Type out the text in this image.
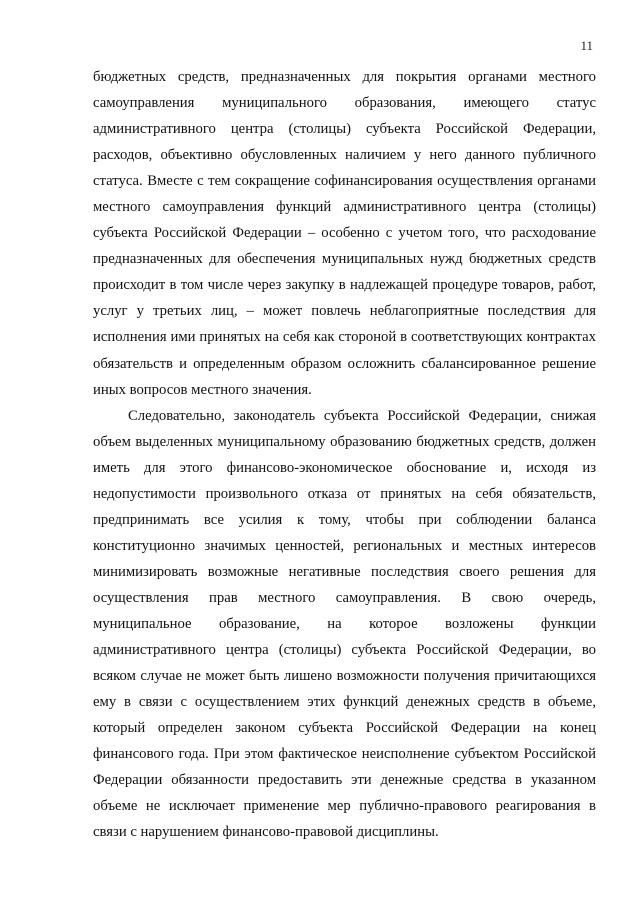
11

бюджетных средств, предназначенных для покрытия органами местного самоуправления муниципального образования, имеющего статус административного центра (столицы) субъекта Российской Федерации, расходов, объективно обусловленных наличием у него данного публичного статуса. Вместе с тем сокращение софинансирования осуществления органами местного самоуправления функций административного центра (столицы) субъекта Российской Федерации – особенно с учетом того, что расходование предназначенных для обеспечения муниципальных нужд бюджетных средств происходит в том числе через закупку в надлежащей процедуре товаров, работ, услуг у третьих лиц, – может повлечь неблагоприятные последствия для исполнения ими принятых на себя как стороной в соответствующих контрактах обязательств и определенным образом осложнить сбалансированное решение иных вопросов местного значения.

Следовательно, законодатель субъекта Российской Федерации, снижая объем выделенных муниципальному образованию бюджетных средств, должен иметь для этого финансово-экономическое обоснование и, исходя из недопустимости произвольного отказа от принятых на себя обязательств, предпринимать все усилия к тому, чтобы при соблюдении баланса конституционно значимых ценностей, региональных и местных интересов минимизировать возможные негативные последствия своего решения для осуществления прав местного самоуправления. В свою очередь, муниципальное образование, на которое возложены функции административного центра (столицы) субъекта Российской Федерации, во всяком случае не может быть лишено возможности получения причитающихся ему в связи с осуществлением этих функций денежных средств в объеме, который определен законом субъекта Российской Федерации на конец финансового года. При этом фактическое неисполнение субъектом Российской Федерации обязанности предоставить эти денежные средства в указанном объеме не исключает применение мер публично-правового реагирования в связи с нарушением финансово-правовой дисциплины.
